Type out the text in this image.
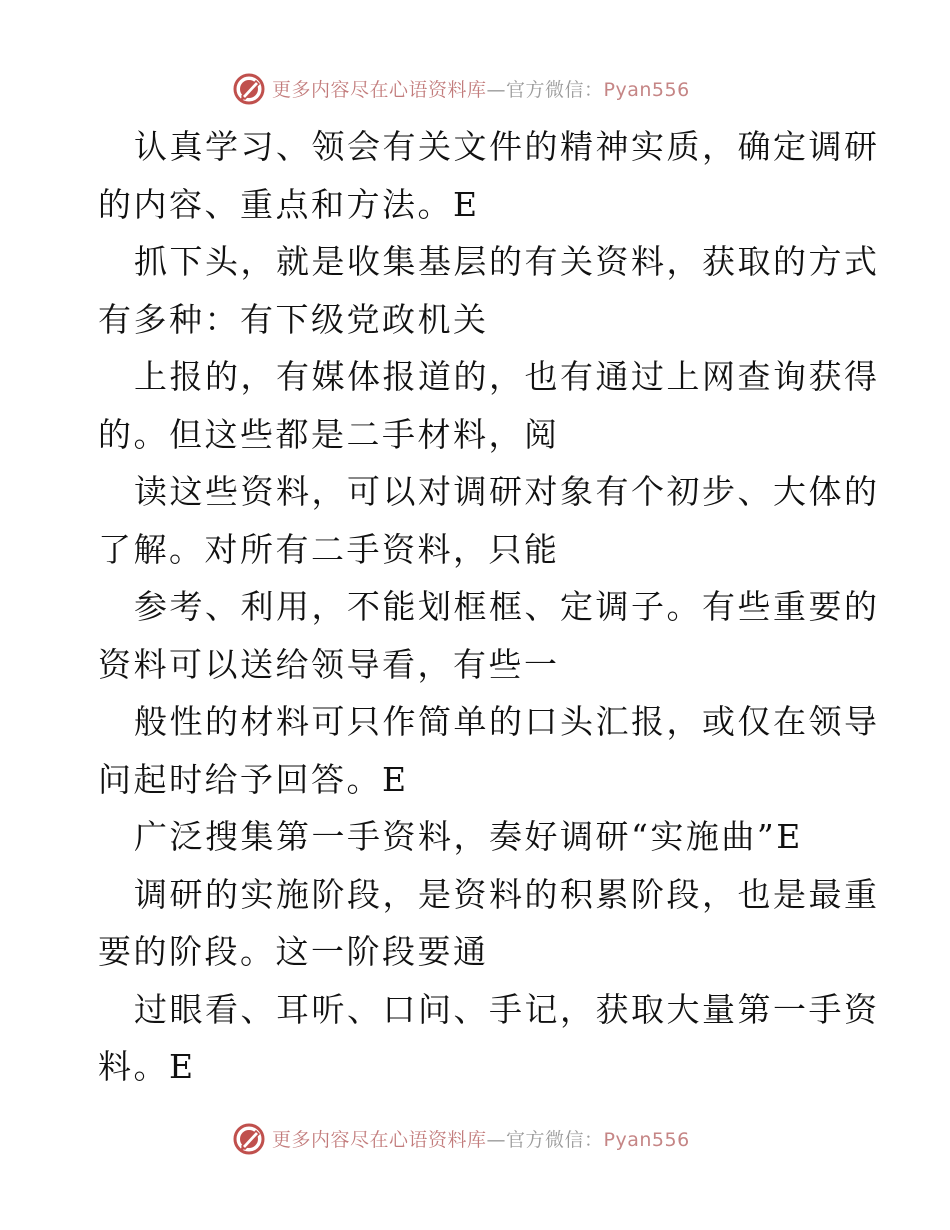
更多内容尽在心语资料库—官方微信：Pyan556
认真学习、领会有关文件的精神实质，确定调研
的内容、重点和方法。E
抓下头，就是收集基层的有关资料，获取的方式
有多种：有下级党政机关
上报的，有媒体报道的，也有通过上网查询获得
的。但这些都是二手材料，阅
读这些资料，可以对调研对象有个初步、大体的
了解。对所有二手资料，只能
参考、利用，不能划框框、定调子。有些重要的
资料可以送给领导看，有些一
般性的材料可只作简单的口头汇报，或仅在领导
问起时给予回答。E
广泛搜集第一手资料，奏好调研“实施曲”E
调研的实施阶段，是资料的积累阶段，也是最重
要的阶段。这一阶段要通
过眼看、耳听、口问、手记，获取大量第一手资
料。E
更多内容尽在心语资料库—官方微信：Pyan556
